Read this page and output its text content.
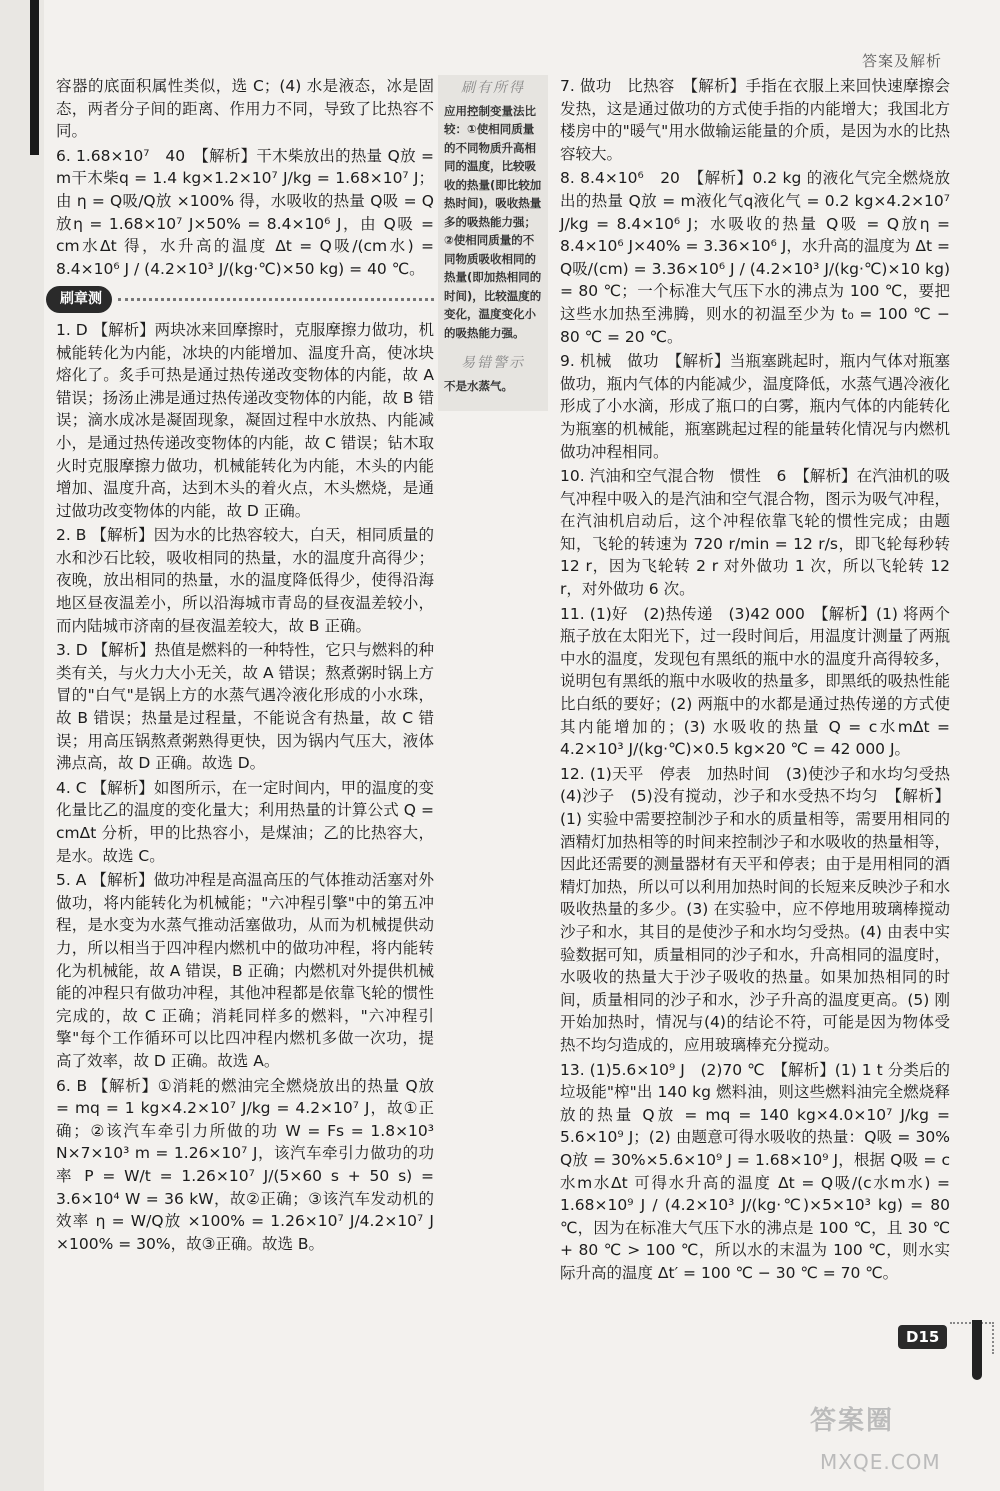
答案及解析
容器的底面积属性类似，选 C；(4) 水是液态，冰是固态，两者分子间的距离、作用力不同，导致了比热容不同。
6. 1.68×10⁷　40　【解析】干木柴放出的热量 Q放 = m干木柴q = 1.4 kg×1.2×10⁷ J/kg = 1.68×10⁷ J；由 η = Q吸/Q放 ×100% 得，水吸收的热量 Q吸 = Q放η = 1.68×10⁷ J×50% = 8.4×10⁶ J，由 Q吸 = cm水Δt 得，水升高的温度 Δt = Q吸/(cm水) = 8.4×10⁶ J / (4.2×10³ J/(kg·℃)×50 kg) = 40 ℃。
刷章测
1. D 【解析】两块冰来回摩擦时，克服摩擦力做功，机械能转化为内能，冰块的内能增加、温度升高，使冰块熔化了。炙手可热是通过热传递改变物体的内能，故 A 错误；扬汤止沸是通过热传递改变物体的内能，故 B 错误；滴水成冰是凝固现象，凝固过程中水放热、内能减小，是通过热传递改变物体的内能，故 C 错误；钻木取火时克服摩擦力做功，机械能转化为内能，木头的内能增加、温度升高，达到木头的着火点，木头燃烧，是通过做功改变物体的内能，故 D 正确。
2. B 【解析】因为水的比热容较大，白天，相同质量的水和沙石比较，吸收相同的热量，水的温度升高得少；夜晚，放出相同的热量，水的温度降低得少，使得沿海地区昼夜温差小，所以沿海城市青岛的昼夜温差较小，而内陆城市济南的昼夜温差较大，故 B 正确。
3. D 【解析】热值是燃料的一种特性，它只与燃料的种类有关，与火力大小无关，故 A 错误；熬煮粥时锅上方冒的"白气"是锅上方的水蒸气遇冷液化形成的小水珠，故 B 错误；热量是过程量，不能说含有热量，故 C 错误；用高压锅熬煮粥熟得更快，因为锅内气压大，液体沸点高，故 D 正确。故选 D。
4. C 【解析】如图所示，在一定时间内，甲的温度的变化量比乙的温度的变化量大；利用热量的计算公式 Q = cmΔt 分析，甲的比热容小，是煤油；乙的比热容大，是水。故选 C。
5. A 【解析】做功冲程是高温高压的气体推动活塞对外做功，将内能转化为机械能；"六冲程引擎"中的第五冲程，是水变为水蒸气推动活塞做功，从而为机械提供动力，所以相当于四冲程内燃机中的做功冲程，将内能转化为机械能，故 A 错误，B 正确；内燃机对外提供机械能的冲程只有做功冲程，其他冲程都是依靠飞轮的惯性完成的，故 C 正确；消耗同样多的燃料，"六冲程引擎"每个工作循环可以比四冲程内燃机多做一次功，提高了效率，故 D 正确。故选 A。
6. B 【解析】①消耗的燃油完全燃烧放出的热量 Q放 = mq = 1 kg×4.2×10⁷ J/kg = 4.2×10⁷ J，故①正确；②该汽车牵引力所做的功 W = Fs = 1.8×10³ N×7×10³ m = 1.26×10⁷ J，该汽车牵引力做功的功率 P = W/t = 1.26×10⁷ J/(5×60 s + 50 s) = 3.6×10⁴ W = 36 kW，故②正确；③该汽车发动机的效率 η = W/Q放 ×100% = 1.26×10⁷ J/4.2×10⁷ J ×100% = 30%，故③正确。故选 B。
刷有所得
应用控制变量法比较：①使相同质量的不同物质升高相同的温度，比较吸收的热量(即比较加热时间)，吸收热量多的吸热能力强；②使相同质量的不同物质吸收相同的热量(即加热相同的时间)，比较温度的变化，温度变化小的吸热能力强。
易错警示
不是水蒸气。
7. 做功　比热容　【解析】手指在衣服上来回快速摩擦会发热，这是通过做功的方式使手指的内能增大；我国北方楼房中的"暖气"用水做输运能量的介质，是因为水的比热容较大。
8. 8.4×10⁶　20　【解析】0.2 kg 的液化气完全燃烧放出的热量 Q放 = m液化气q液化气 = 0.2 kg×4.2×10⁷ J/kg = 8.4×10⁶ J；水吸收的热量 Q吸 = Q放η = 8.4×10⁶ J×40% = 3.36×10⁶ J，水升高的温度为 Δt = Q吸/(cm) = 3.36×10⁶ J / (4.2×10³ J/(kg·℃)×10 kg) = 80 ℃；一个标准大气压下水的沸点为 100 ℃，要把这些水加热至沸腾，则水的初温至少为 t₀ = 100 ℃ − 80 ℃ = 20 ℃。
9. 机械　做功　【解析】当瓶塞跳起时，瓶内气体对瓶塞做功，瓶内气体的内能减少，温度降低，水蒸气遇冷液化形成了小水滴，形成了瓶口的白雾，瓶内气体的内能转化为瓶塞的机械能，瓶塞跳起过程的能量转化情况与内燃机做功冲程相同。
10. 汽油和空气混合物　惯性　6　【解析】在汽油机的吸气冲程中吸入的是汽油和空气混合物，图示为吸气冲程，在汽油机启动后，这个冲程依靠飞轮的惯性完成；由题知，飞轮的转速为 720 r/min = 12 r/s，即飞轮每秒转 12 r，因为飞轮转 2 r 对外做功 1 次，所以飞轮转 12 r，对外做功 6 次。
11. (1)好　(2)热传递　(3)42 000　【解析】(1) 将两个瓶子放在太阳光下，过一段时间后，用温度计测量了两瓶中水的温度，发现包有黑纸的瓶中水的温度升高得较多，说明包有黑纸的瓶中水吸收的热量多，即黑纸的吸热性能比白纸的要好；(2) 两瓶中的水都是通过热传递的方式使其内能增加的；(3) 水吸收的热量 Q = c水mΔt = 4.2×10³ J/(kg·℃)×0.5 kg×20 ℃ = 42 000 J。
12. (1)天平　停表　加热时间　(3)使沙子和水均匀受热　(4)沙子　(5)没有搅动，沙子和水受热不均匀　【解析】(1) 实验中需要控制沙子和水的质量相等，需要用相同的酒精灯加热相等的时间来控制沙子和水吸收的热量相等，因此还需要的测量器材有天平和停表；由于是用相同的酒精灯加热，所以可以利用加热时间的长短来反映沙子和水吸收热量的多少。(3) 在实验中，应不停地用玻璃棒搅动沙子和水，其目的是使沙子和水均匀受热。(4) 由表中实验数据可知，质量相同的沙子和水，升高相同的温度时，水吸收的热量大于沙子吸收的热量。如果加热相同的时间，质量相同的沙子和水，沙子升高的温度更高。(5) 刚开始加热时，情况与(4)的结论不符，可能是因为物体受热不均匀造成的，应用玻璃棒充分搅动。
13. (1)5.6×10⁹ J　(2)70 ℃　【解析】(1) 1 t 分类后的垃圾能"榨"出 140 kg 燃料油，则这些燃料油完全燃烧释放的热量 Q放 = mq = 140 kg×4.0×10⁷ J/kg = 5.6×10⁹ J；(2) 由题意可得水吸收的热量：Q吸 = 30% Q放 = 30%×5.6×10⁹ J = 1.68×10⁹ J，根据 Q吸 = c水m水Δt 可得水升高的温度 Δt = Q吸/(c水m水) = 1.68×10⁹ J / (4.2×10³ J/(kg·℃)×5×10³ kg) = 80 ℃，因为在标准大气压下水的沸点是 100 ℃，且 30 ℃ + 80 ℃ > 100 ℃，所以水的末温为 100 ℃，则水实际升高的温度 Δt′ = 100 ℃ − 30 ℃ = 70 ℃。
D15
答案圈
MXQE.COM
